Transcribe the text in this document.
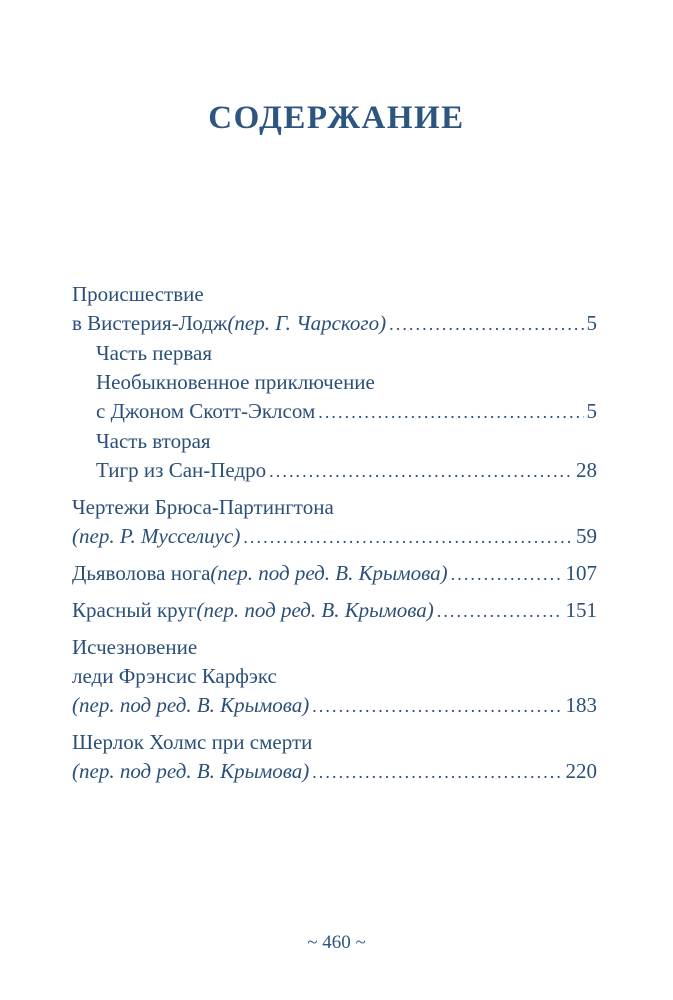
СОДЕРЖАНИЕ
Происшествие
в Вистерия-Лодж (пер. Г. Чарского) . . .	5
Часть первая
Необыкновенное приключение
с Джоном Скотт-Эклсом . . .	5
Часть вторая
Тигр из Сан-Педро . . .	28
Чертежи Брюса-Партингтона
(пер. Р. Мусселиус) . . .	59
Дьяволова нога (пер. под ред. В. Крымова) . . .	107
Красный круг (пер. под ред. В. Крымова) . . .	151
Исчезновение
леди Фрэнсис Карфэкс
(пер. под ред. В. Крымова) . . .	183
Шерлок Холмс при смерти
(пер. под ред. В. Крымова) . . .	220
~ 460 ~
